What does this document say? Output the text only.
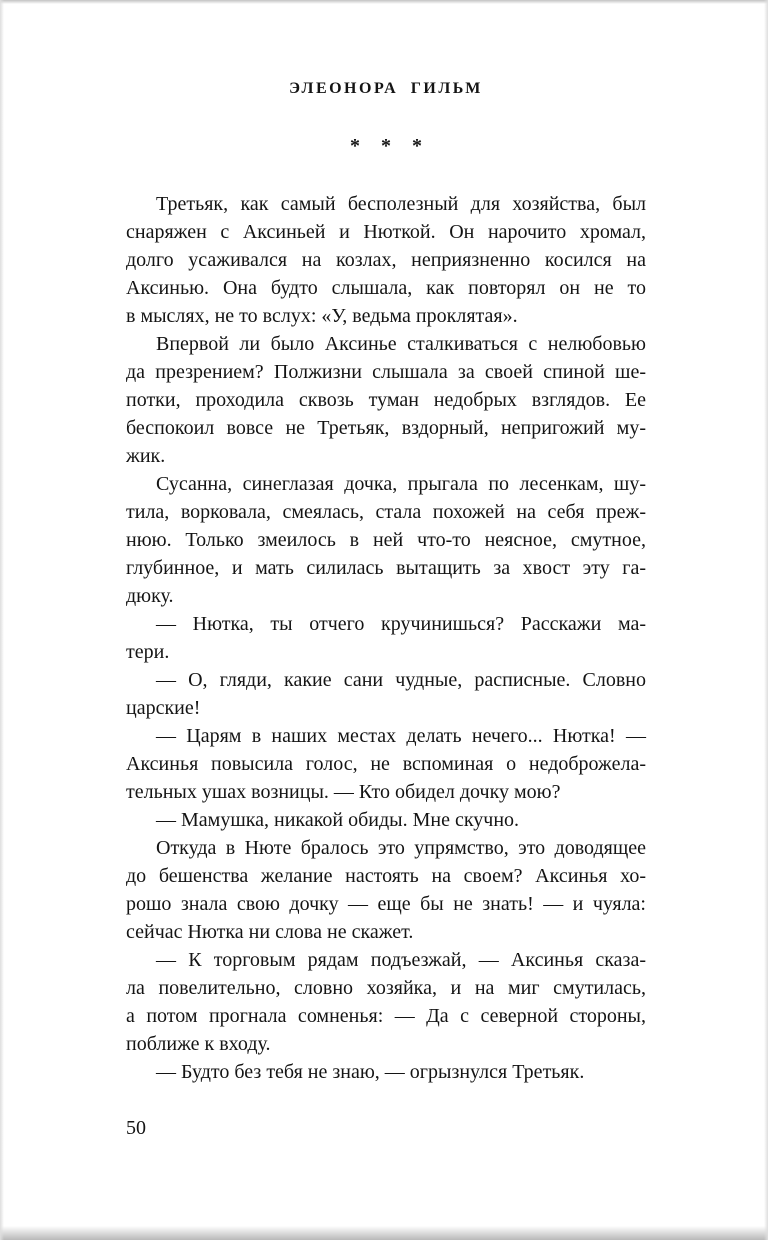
ЭЛЕОНОРА ГИЛЬМ
* * *
Третьяк, как самый бесполезный для хозяйства, был
снаряжен с Аксиньей и Нюткой. Он нарочито хромал,
долго усаживался на козлах, неприязненно косился на
Аксинью. Она будто слышала, как повторял он не то
в мыслях, не то вслух: «У, ведьма проклятая».
Впервой ли было Аксинье сталкиваться с нелюбовью
да презрением? Полжизни слышала за своей спиной ше-
потки, проходила сквозь туман недобрых взглядов. Ее
беспокоил вовсе не Третьяк, вздорный, непригожий му-
жик.
Сусанна, синеглазая дочка, прыгала по лесенкам, шу-
тила, ворковала, смеялась, стала похожей на себя преж-
нюю. Только змеилось в ней что-то неясное, смутное,
глубинное, и мать силилась вытащить за хвост эту га-
дюку.
— Нютка, ты отчего кручинишься? Расскажи ма-
тери.
— О, гляди, какие сани чудные, расписные. Словно
царские!
— Царям в наших местах делать нечего... Нютка! —
Аксинья повысила голос, не вспоминая о недоброжела-
тельных ушах возницы. — Кто обидел дочку мою?
— Мамушка, никакой обиды. Мне скучно.
Откуда в Нюте бралось это упрямство, это доводящее
до бешенства желание настоять на своем? Аксинья хо-
рошо знала свою дочку — еще бы не знать! — и чуяла:
сейчас Нютка ни слова не скажет.
— К торговым рядам подъезжай, — Аксинья сказа-
ла повелительно, словно хозяйка, и на миг смутилась,
а потом прогнала сомненья: — Да с северной стороны,
поближе к входу.
— Будто без тебя не знаю, — огрызнулся Третьяк.
50
